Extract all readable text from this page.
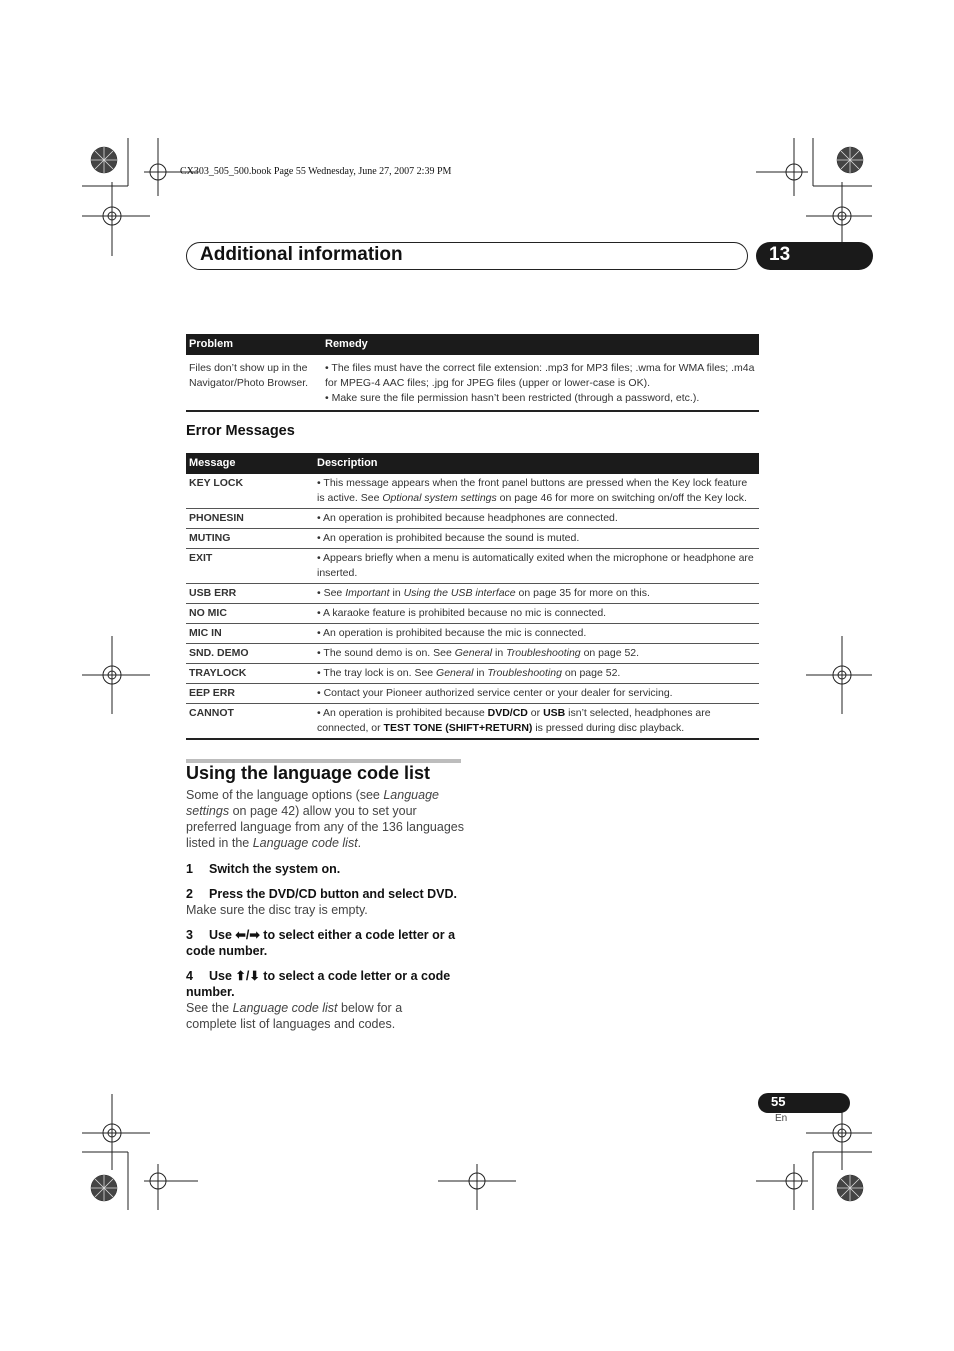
CX303_505_500.book Page 55 Wednesday, June 27, 2007 2:39 PM
Additional information	13
Problem	Remedy
Files don’t show up in the Navigator/Photo Browser.	• The files must have the correct file extension: .mp3 for MP3 files; .wma for WMA files; .m4a for MPEG-4 AAC files; .jpg for JPEG files (upper or lower-case is OK).
• Make sure the file permission hasn’t been restricted (through a password, etc.).
Error Messages
Message	Description
KEY LOCK	• This message appears when the front panel buttons are pressed when the Key lock feature is active. See Optional system settings on page 46 for more on switching on/off the Key lock.
PHONESIN	• An operation is prohibited because headphones are connected.
MUTING	• An operation is prohibited because the sound is muted.
EXIT	• Appears briefly when a menu is automatically exited when the microphone or headphone are inserted.
USB ERR	• See Important in Using the USB interface on page 35 for more on this.
NO MIC	• A karaoke feature is prohibited because no mic is connected.
MIC IN	• An operation is prohibited because the mic is connected.
SND. DEMO	• The sound demo is on. See General in Troubleshooting on page 52.
TRAYLOCK	• The tray lock is on. See General in Troubleshooting on page 52.
EEP ERR	• Contact your Pioneer authorized service center or your dealer for servicing.
CANNOT	• An operation is prohibited because DVD/CD or USB isn’t selected, headphones are connected, or TEST TONE (SHIFT+RETURN) is pressed during disc playback.
Using the language code list
Some of the language options (see Language settings on page 42) allow you to set your preferred language from any of the 136 languages listed in the Language code list.
1 Switch the system on.
2 Press the DVD/CD button and select DVD.
Make sure the disc tray is empty.
3 Use ⬅/➡ to select either a code letter or a code number.
4 Use ⬆/⬇ to select a code letter or a code number.
See the Language code list below for a complete list of languages and codes.
55
En
